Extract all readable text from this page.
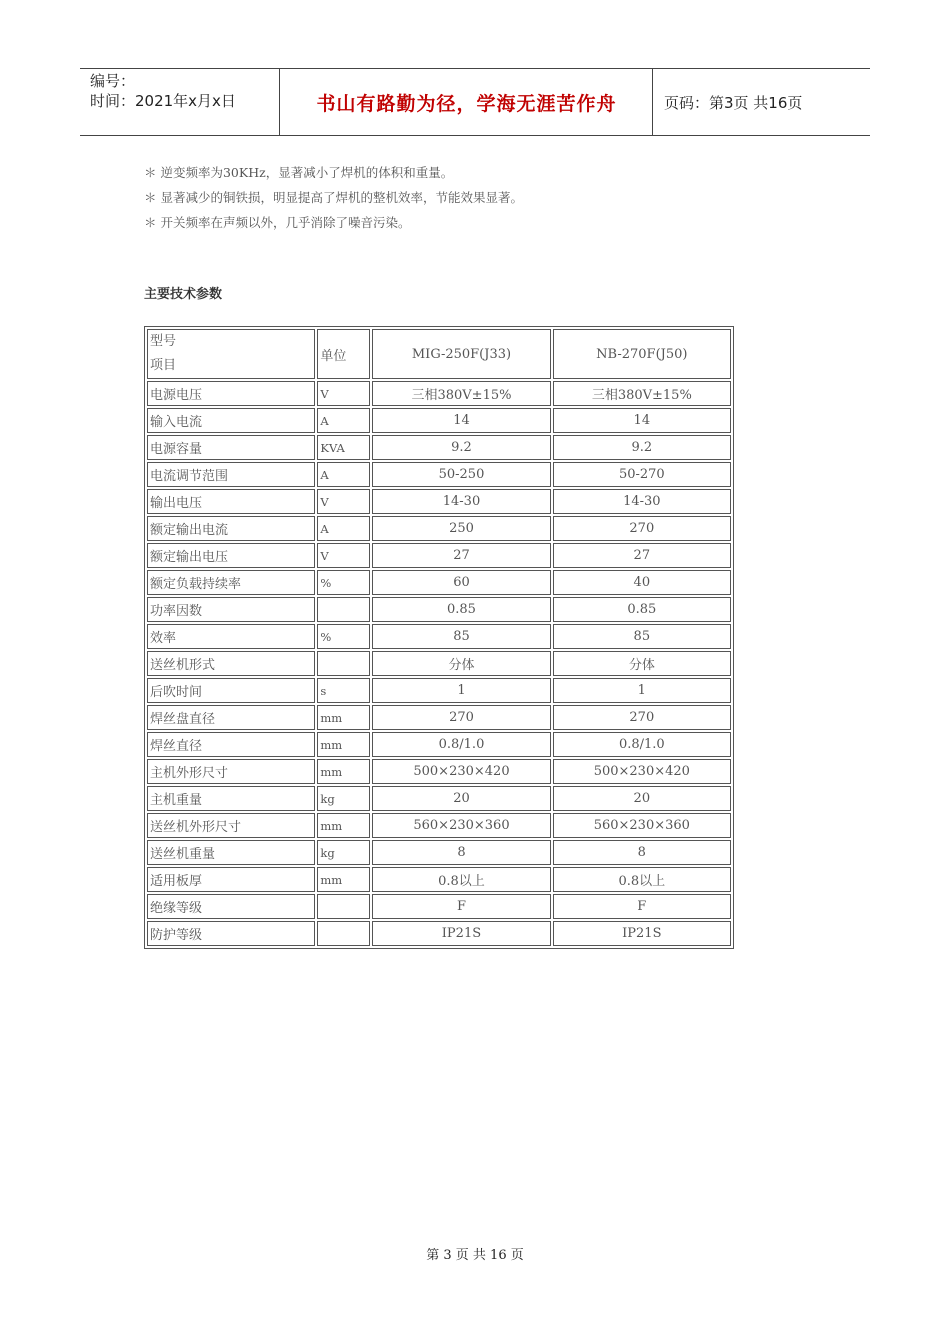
编号：
时间：2021年x月x日	书山有路勤为径，学海无涯苦作舟	页码：第3页 共16页
＊ 逆变频率为30KHz，显著减小了焊机的体积和重量。
＊ 显著减少的铜铁损，明显提高了焊机的整机效率，节能效果显著。
＊ 开关频率在声频以外，几乎消除了噪音污染。
主要技术参数
型号
项目	单位	MIG-250F(J33)	NB-270F(J50)
电源电压	V	三相380V±15%	三相380V±15%
输入电流	A	14	14
电源容量	KVA	9.2	9.2
电流调节范围	A	50-250	50-270
输出电压	V	14-30	14-30
额定输出电流	A	250	270
额定输出电压	V	27	27
额定负载持续率	%	60	40
功率因数		0.85	0.85
效率	%	85	85
送丝机形式		分体	分体
后吹时间	s	1	1
焊丝盘直径	mm	270	270
焊丝直径	mm	0.8/1.0	0.8/1.0
主机外形尺寸	mm	500×230×420	500×230×420
主机重量	kg	20	20
送丝机外形尺寸	mm	560×230×360	560×230×360
送丝机重量	kg	8	8
适用板厚	mm	0.8以上	0.8以上
绝缘等级		F	F
防护等级		IP21S	IP21S
第 3 页 共 16 页
